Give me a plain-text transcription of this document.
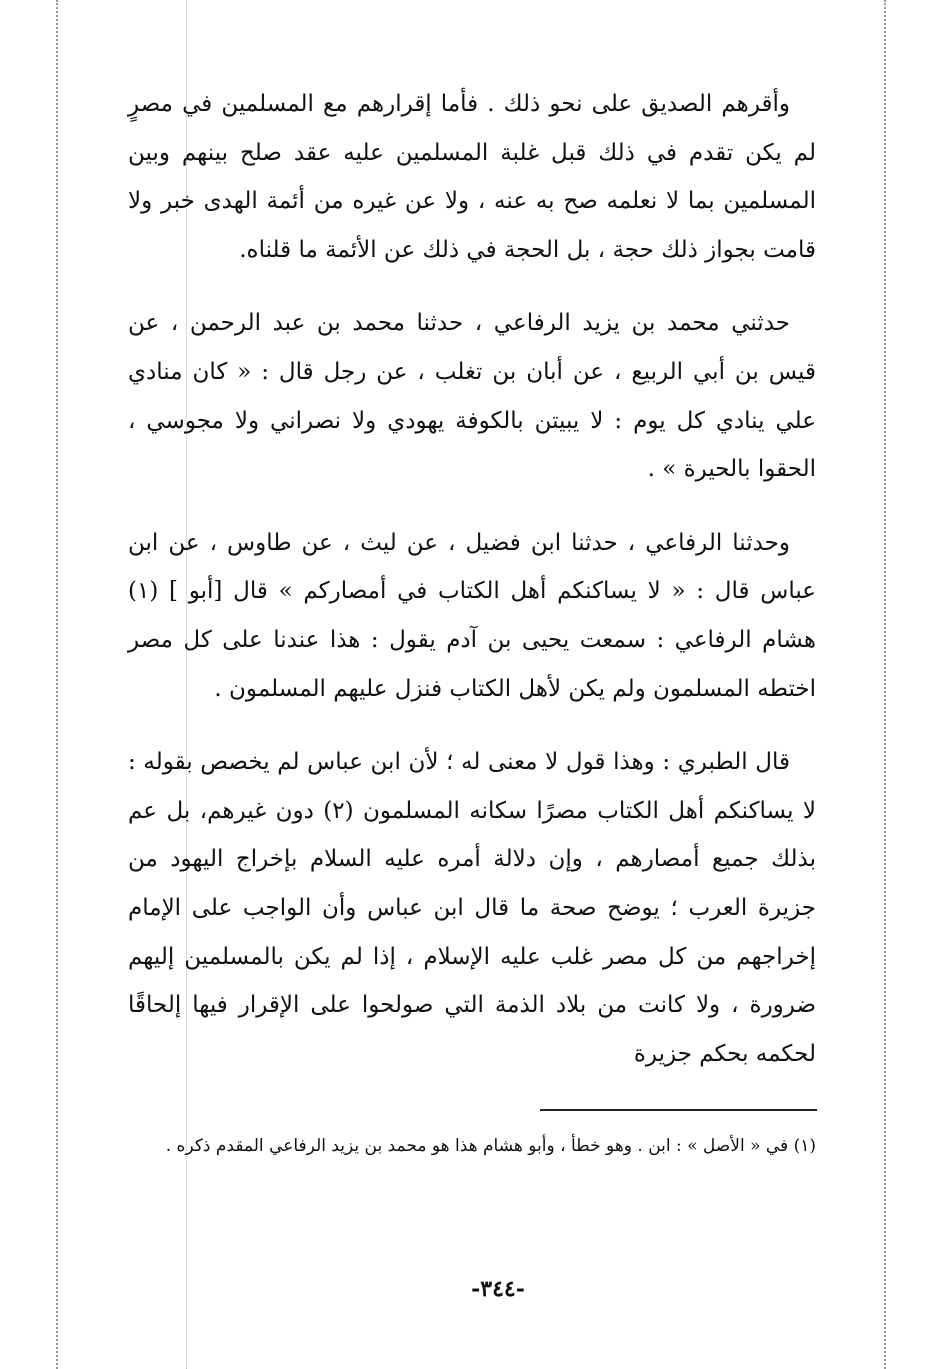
وأقرهم الصديق على نحو ذلك . فأما إقرارهم مع المسلمين في مصرٍ لم يكن تقدم في ذلك قبل غلبة المسلمين عليه عقد صلح بينهم وبين المسلمين بما لا نعلمه صح به عنه ، ولا عن غيره من أئمة الهدى خبر ولا قامت بجواز ذلك حجة ، بل الحجة في ذلك عن الأئمة ما قلناه.

حدثني محمد بن يزيد الرفاعي ، حدثنا محمد بن عبد الرحمن ، عن قيس بن أبي الربيع ، عن أبان بن تغلب ، عن رجل قال : « كان منادي علي ينادي كل يوم : لا يبيتن بالكوفة يهودي ولا نصراني ولا مجوسي ، الحقوا بالحيرة » .

وحدثنا الرفاعي ، حدثنا ابن فضيل ، عن ليث ، عن طاوس ، عن ابن عباس قال : « لا يساكنكم أهل الكتاب في أمصاركم » قال [أبو ] (١) هشام الرفاعي : سمعت يحيى بن آدم يقول : هذا عندنا على كل مصر اختطه المسلمون ولم يكن لأهل الكتاب فنزل عليهم المسلمون .

قال الطبري : وهذا قول لا معنى له ؛ لأن ابن عباس لم يخصص بقوله : لا يساكنكم أهل الكتاب مصرًا سكانه المسلمون (٢) دون غيرهم، بل عم بذلك جميع أمصارهم ، وإن دلالة أمره عليه السلام بإخراج اليهود من جزيرة العرب ؛ يوضح صحة ما قال ابن عباس وأن الواجب على الإمام إخراجهم من كل مصر غلب عليه الإسلام ، إذا لم يكن بالمسلمين إليهم ضرورة ، ولا كانت من بلاد الذمة التي صولحوا على الإقرار فيها إلحاقًا لحكمه بحكم جزيرة

(١) في « الأصل » : ابن . وهو خطأ ، وأبو هشام هذا هو محمد بن يزيد الرفاعي المقدم ذكره .

-٣٤٤-
